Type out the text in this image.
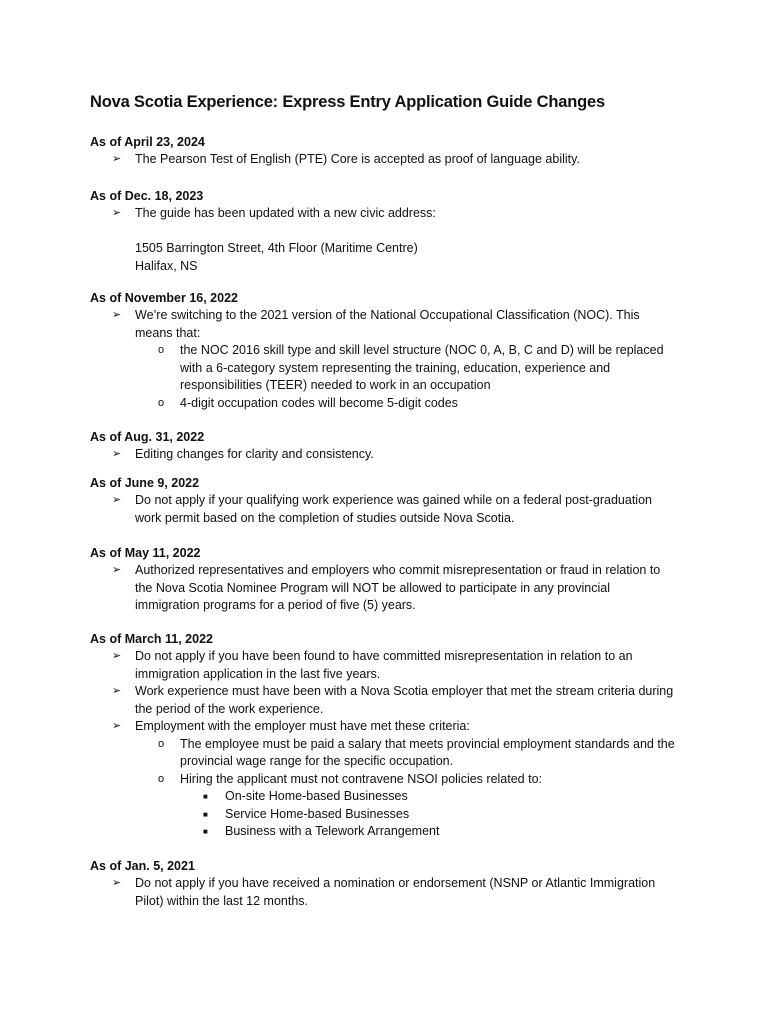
Nova Scotia Experience: Express Entry Application Guide Changes
As of April 23, 2024
➢ The Pearson Test of English (PTE) Core is accepted as proof of language ability.
As of Dec. 18, 2023
➢ The guide has been updated with a new civic address:
1505 Barrington Street, 4th Floor (Maritime Centre)
Halifax, NS
As of November 16, 2022
➢ We’re switching to the 2021 version of the National Occupational Classification (NOC). This means that:
o the NOC 2016 skill type and skill level structure (NOC 0, A, B, C and D) will be replaced with a 6-category system representing the training, education, experience and responsibilities (TEER) needed to work in an occupation
o 4-digit occupation codes will become 5-digit codes
As of Aug. 31, 2022
➢ Editing changes for clarity and consistency.
As of June 9, 2022
➢ Do not apply if your qualifying work experience was gained while on a federal post-graduation work permit based on the completion of studies outside Nova Scotia.
As of May 11, 2022
➢ Authorized representatives and employers who commit misrepresentation or fraud in relation to the Nova Scotia Nominee Program will NOT be allowed to participate in any provincial immigration programs for a period of five (5) years.
As of March 11, 2022
➢ Do not apply if you have been found to have committed misrepresentation in relation to an immigration application in the last five years.
➢ Work experience must have been with a Nova Scotia employer that met the stream criteria during the period of the work experience.
➢ Employment with the employer must have met these criteria:
o The employee must be paid a salary that meets provincial employment standards and the provincial wage range for the specific occupation.
o Hiring the applicant must not contravene NSOI policies related to:
■ On-site Home-based Businesses
■ Service Home-based Businesses
■ Business with a Telework Arrangement
As of Jan. 5, 2021
➢ Do not apply if you have received a nomination or endorsement (NSNP or Atlantic Immigration Pilot) within the last 12 months.
